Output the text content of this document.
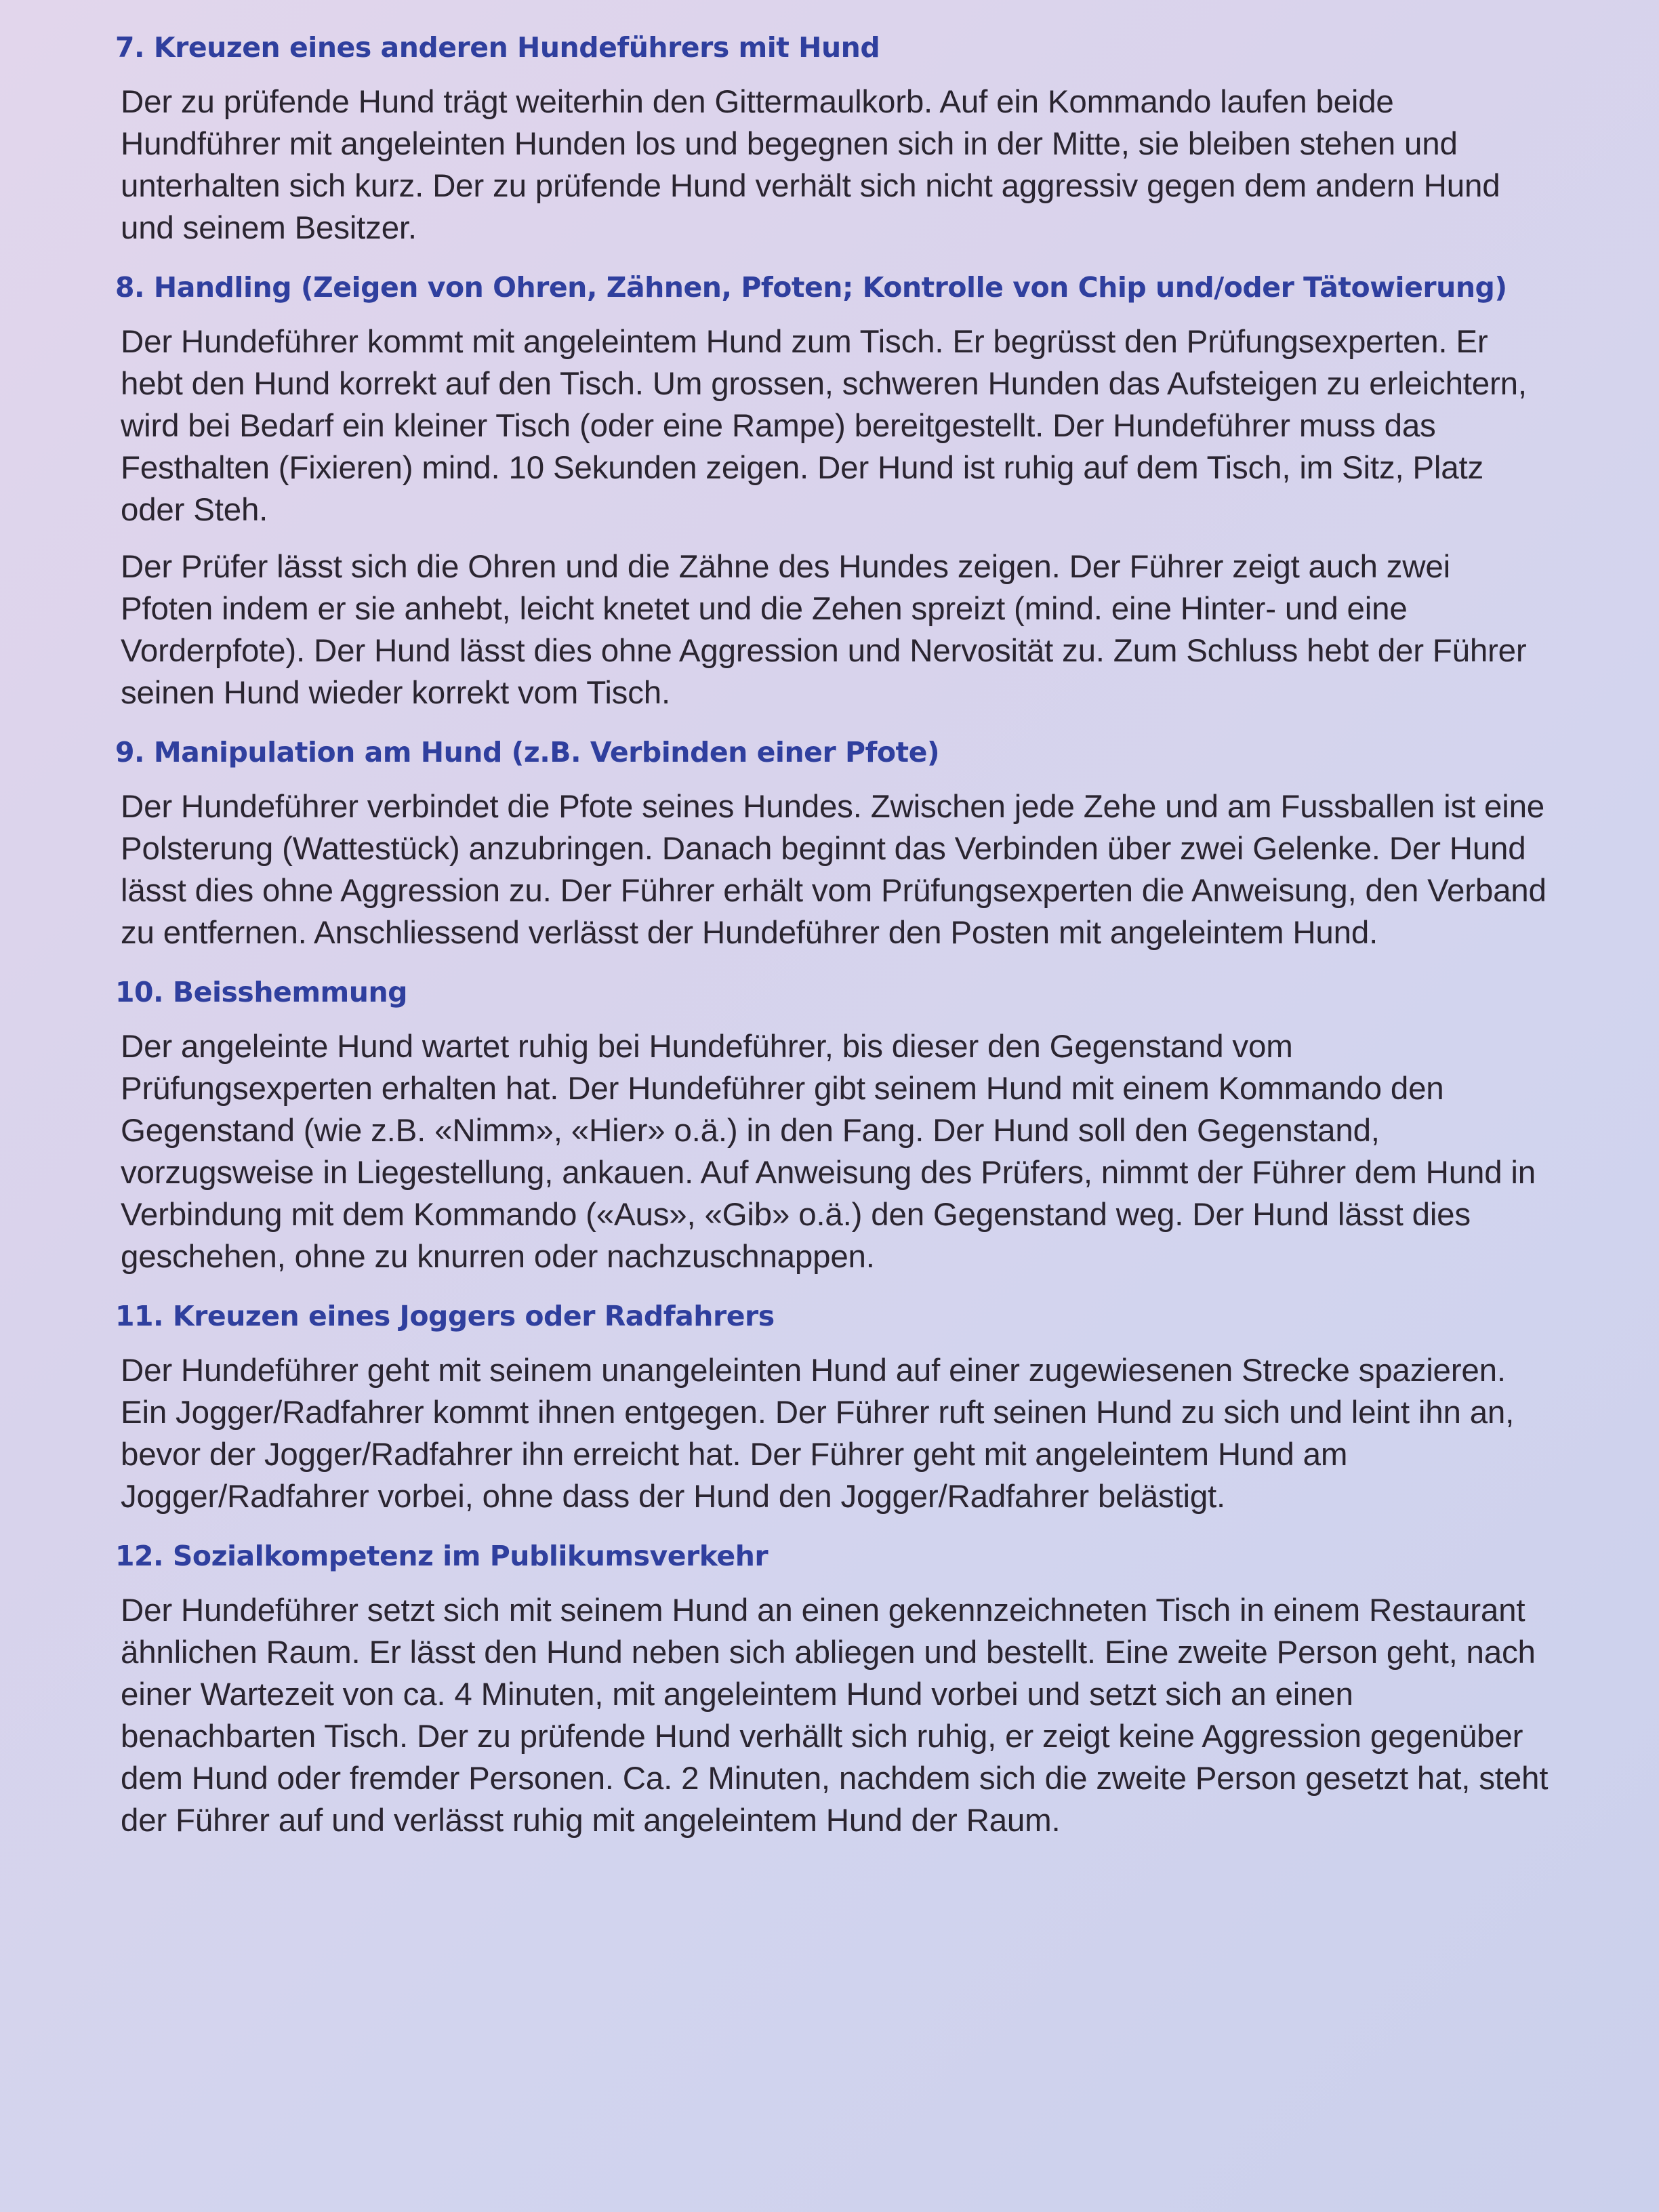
7. Kreuzen eines anderen Hundeführers mit Hund

Der zu prüfende Hund trägt weiterhin den Gittermaulkorb. Auf ein Kommando laufen beide Hundführer mit angeleinten Hunden los und begegnen sich in der Mitte, sie bleiben stehen und unterhalten sich kurz. Der zu prüfende Hund verhält sich nicht aggressiv gegen dem andern Hund und seinem Besitzer.

8. Handling (Zeigen von Ohren, Zähnen, Pfoten; Kontrolle von Chip und/oder Tätowierung)

Der Hundeführer kommt mit angeleintem Hund zum Tisch. Er begrüsst den Prüfungsexperten. Er hebt den Hund korrekt auf den Tisch. Um grossen, schweren Hunden das Aufsteigen zu erleichtern, wird bei Bedarf ein kleiner Tisch (oder eine Rampe) bereitgestellt. Der Hundeführer muss das Festhalten (Fixieren) mind. 10 Sekunden zeigen. Der Hund ist ruhig auf dem Tisch, im Sitz, Platz oder Steh.

Der Prüfer lässt sich die Ohren und die Zähne des Hundes zeigen. Der Führer zeigt auch zwei Pfoten indem er sie anhebt, leicht knetet und die Zehen spreizt (mind. eine Hinter- und eine Vorderpfote). Der Hund lässt dies ohne Aggression und Nervosität zu. Zum Schluss hebt der Führer seinen Hund wieder korrekt vom Tisch.

9. Manipulation am Hund (z.B. Verbinden einer Pfote)

Der Hundeführer verbindet die Pfote seines Hundes. Zwischen jede Zehe und am Fussballen ist eine Polsterung (Wattestück) anzubringen. Danach beginnt das Verbinden über zwei Gelenke. Der Hund lässt dies ohne Aggression zu. Der Führer erhält vom Prüfungsexperten die Anweisung, den Verband zu entfernen. Anschliessend verlässt der Hundeführer den Posten mit angeleintem Hund.

10. Beisshemmung

Der angeleinte Hund wartet ruhig bei Hundeführer, bis dieser den Gegenstand vom Prüfungsexperten erhalten hat. Der Hundeführer gibt seinem Hund mit einem Kommando den Gegenstand (wie z.B. «Nimm», «Hier» o.ä.) in den Fang. Der Hund soll den Gegenstand, vorzugsweise in Liegestellung, ankauen. Auf Anweisung des Prüfers, nimmt der Führer dem Hund in Verbindung mit dem Kommando («Aus», «Gib» o.ä.) den Gegenstand weg. Der Hund lässt dies geschehen, ohne zu knurren oder nachzuschnappen.

11. Kreuzen eines Joggers oder Radfahrers

Der Hundeführer geht mit seinem unangeleinten Hund auf einer zugewiesenen Strecke spazieren. Ein Jogger/Radfahrer kommt ihnen entgegen. Der Führer ruft seinen Hund zu sich und leint ihn an, bevor der Jogger/Radfahrer ihn erreicht hat. Der Führer geht mit angeleintem Hund am Jogger/Radfahrer vorbei, ohne dass der Hund den Jogger/Radfahrer belästigt.

12. Sozialkompetenz im Publikumsverkehr

Der Hundeführer setzt sich mit seinem Hund an einen gekennzeichneten Tisch in einem Restaurant ähnlichen Raum. Er lässt den Hund neben sich abliegen und bestellt. Eine zweite Person geht, nach einer Wartezeit von ca. 4 Minuten, mit angeleintem Hund vorbei und setzt sich an einen benachbarten Tisch. Der zu prüfende Hund verhällt sich ruhig, er zeigt keine Aggression gegenüber dem Hund oder fremder Personen. Ca. 2 Minuten, nachdem sich die zweite Person gesetzt hat, steht der Führer auf und verlässt ruhig mit angeleintem Hund der Raum.
